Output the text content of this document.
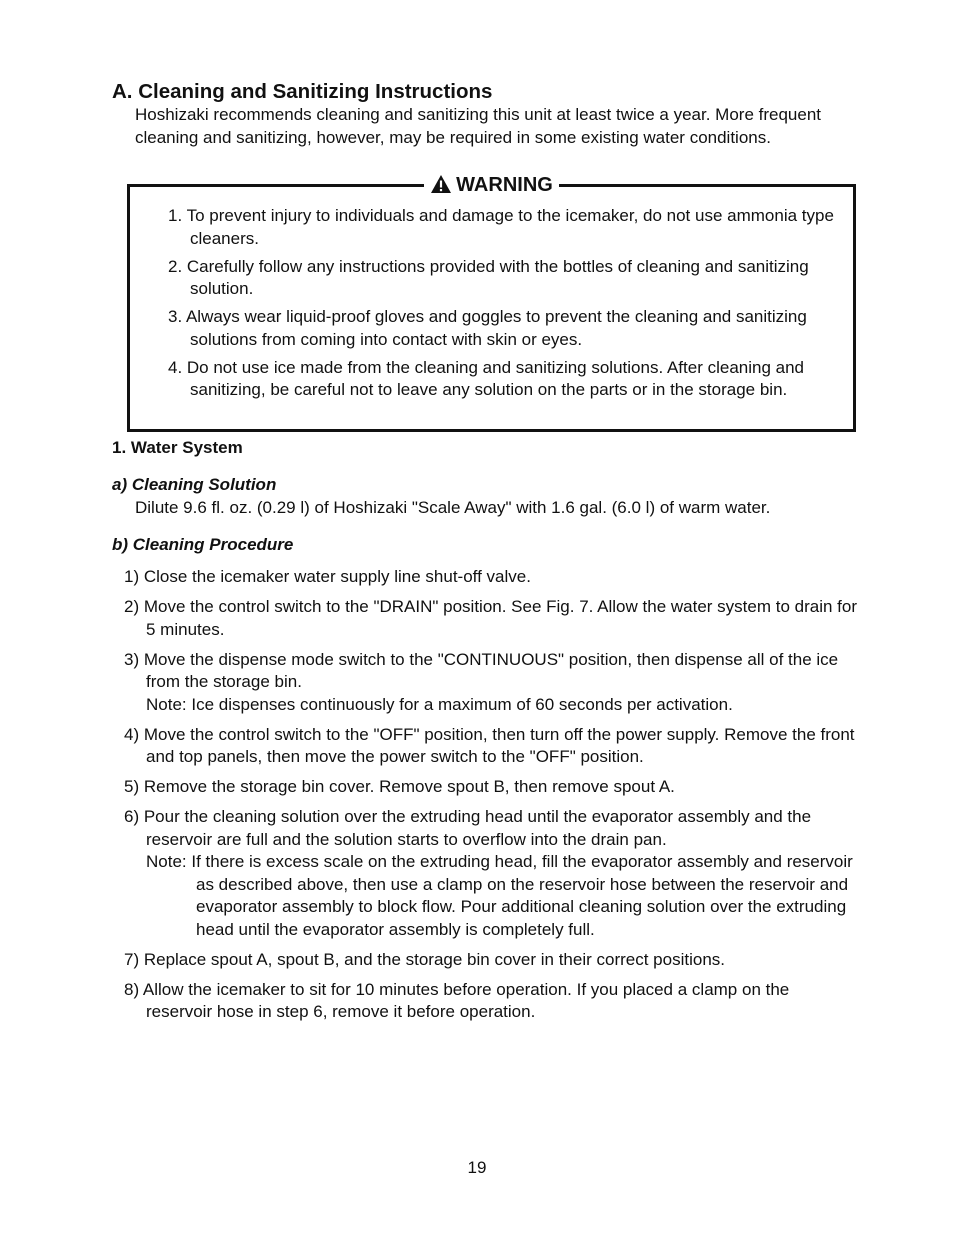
A. Cleaning and Sanitizing Instructions

Hoshizaki recommends cleaning and sanitizing this unit at least twice a year. More frequent cleaning and sanitizing, however, may be required in some existing water conditions.

WARNING
1. To prevent injury to individuals and damage to the icemaker, do not use ammonia type cleaners.
2. Carefully follow any instructions provided with the bottles of cleaning and sanitizing solution.
3. Always wear liquid-proof gloves and goggles to prevent the cleaning and sanitizing solutions from coming into contact with skin or eyes.
4. Do not use ice made from the cleaning and sanitizing solutions. After cleaning and sanitizing, be careful not to leave any solution on the parts or in the storage bin.
1. Water System
a) Cleaning Solution

Dilute 9.6 fl. oz. (0.29 l) of Hoshizaki "Scale Away" with 1.6 gal. (6.0 l) of warm water.

b) Cleaning Procedure
1) Close the icemaker water supply line shut-off valve.
2) Move the control switch to the "DRAIN" position. See Fig. 7. Allow the water system to drain for 5 minutes.
3) Move the dispense mode switch to the "CONTINUOUS" position, then dispense all of the ice from the storage bin.
Note: Ice dispenses continuously for a maximum of 60 seconds per activation.
4) Move the control switch to the "OFF" position, then turn off the power supply. Remove the front and top panels, then move the power switch to the "OFF" position.
5) Remove the storage bin cover. Remove spout B, then remove spout A.
6) Pour the cleaning solution over the extruding head until the evaporator assembly and the reservoir are full and the solution starts to overflow into the drain pan.
Note: If there is excess scale on the extruding head, fill the evaporator assembly and reservoir as described above, then use a clamp on the reservoir hose between the reservoir and evaporator assembly to block flow. Pour additional cleaning solution over the extruding head until the evaporator assembly is completely full.
7) Replace spout A, spout B, and the storage bin cover in their correct positions.
8) Allow the icemaker to sit for 10 minutes before operation. If you placed a clamp on the reservoir hose in step 6, remove it before operation.

19
